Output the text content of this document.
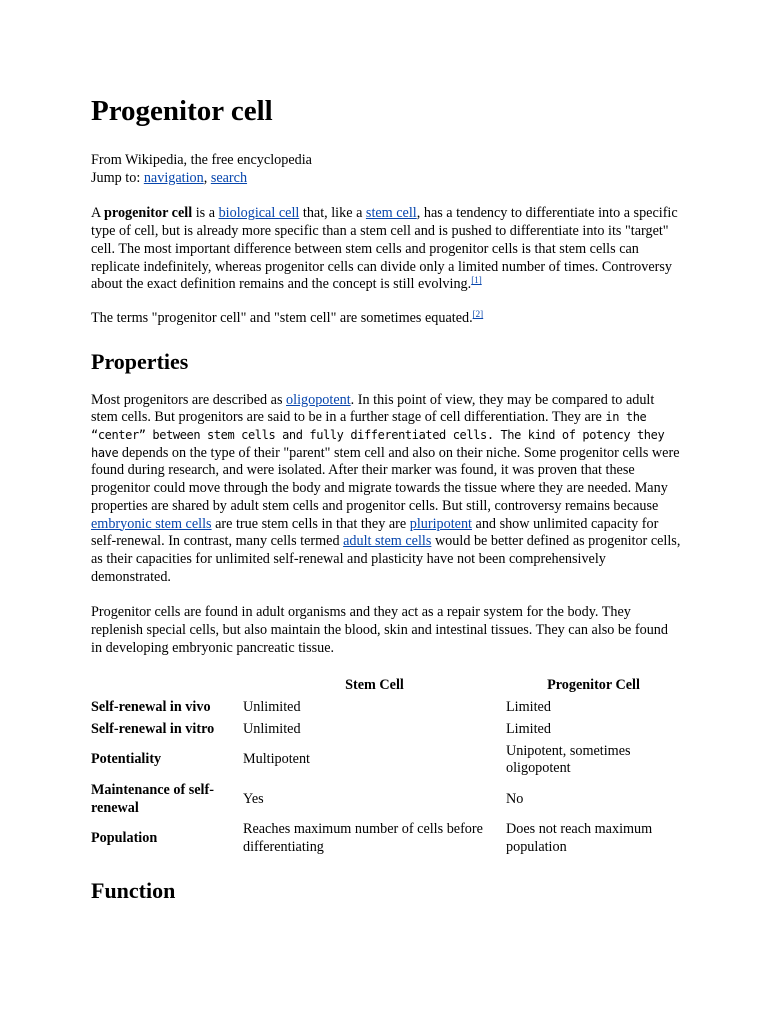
Progenitor cell
From Wikipedia, the free encyclopedia
Jump to: navigation, search

A progenitor cell is a biological cell that, like a stem cell, has a tendency to differentiate into a specific type of cell, but is already more specific than a stem cell and is pushed to differentiate into its "target" cell. The most important difference between stem cells and progenitor cells is that stem cells can replicate indefinitely, whereas progenitor cells can divide only a limited number of times. Controversy about the exact definition remains and the concept is still evolving.[1]

The terms "progenitor cell" and "stem cell" are sometimes equated.[2]

Properties

Most progenitors are described as oligopotent. In this point of view, they may be compared to adult stem cells. But progenitors are said to be in a further stage of cell differentiation. They are in the “center” between stem cells and fully differentiated cells. The kind of potency they have depends on the type of their "parent" stem cell and also on their niche. Some progenitor cells were found during research, and were isolated. After their marker was found, it was proven that these progenitor could move through the body and migrate towards the tissue where they are needed. Many properties are shared by adult stem cells and progenitor cells. But still, controversy remains because embryonic stem cells are true stem cells in that they are pluripotent and show unlimited capacity for self-renewal. In contrast, many cells termed adult stem cells would be better defined as progenitor cells, as their capacities for unlimited self-renewal and plasticity have not been comprehensively demonstrated.

Progenitor cells are found in adult organisms and they act as a repair system for the body. They replenish special cells, but also maintain the blood, skin and intestinal tissues. They can also be found in developing embryonic pancreatic tissue.

	Stem Cell	Progenitor Cell
Self-renewal in vivo	Unlimited	Limited
Self-renewal in vitro	Unlimited	Limited
Potentiality	Multipotent	Unipotent, sometimes oligopotent
Maintenance of self-renewal	Yes	No
Population	Reaches maximum number of cells before differentiating	Does not reach maximum population
Function
